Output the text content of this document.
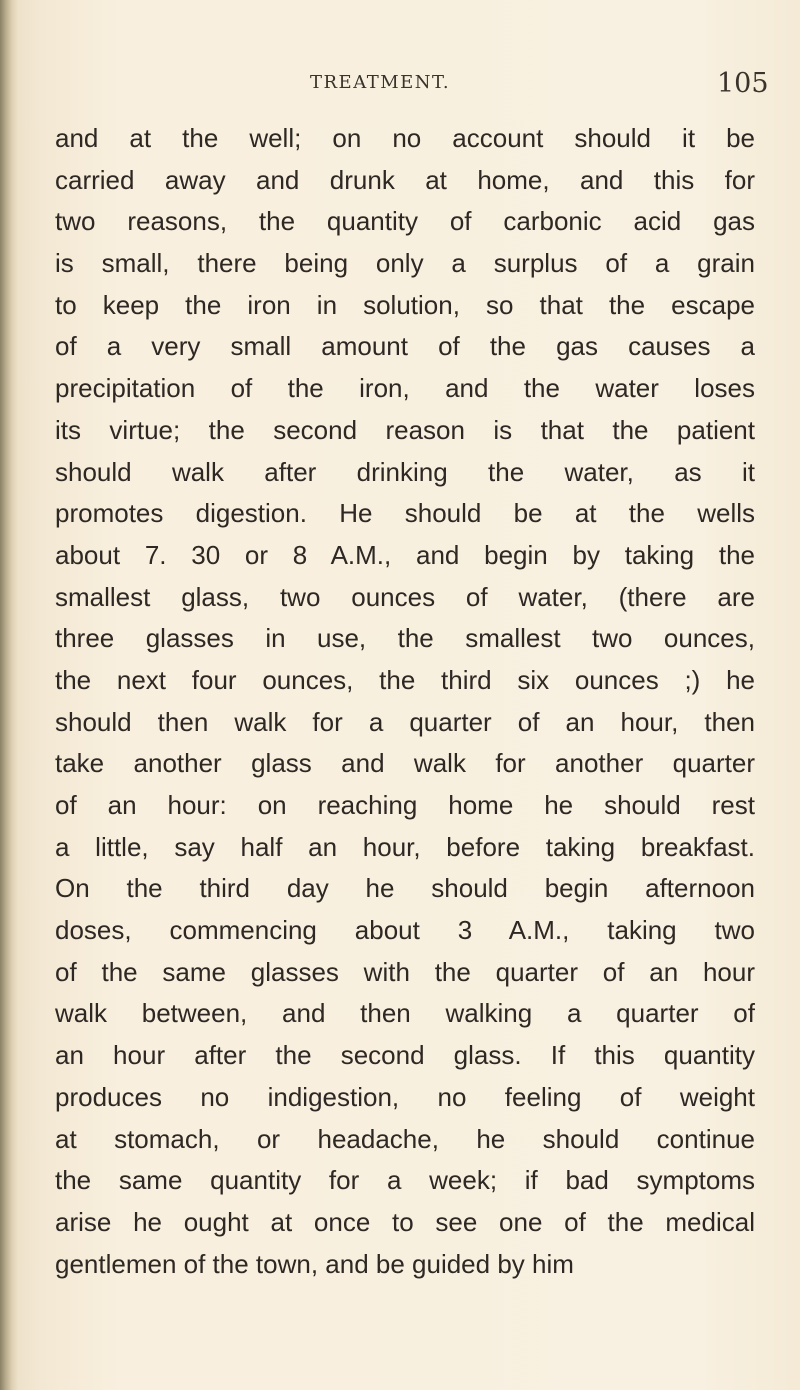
TREATMENT.	105
and at the well; on no account should it be
carried away and drunk at home, and this for
two reasons, the quantity of carbonic acid gas
is small, there being only a surplus of a grain
to keep the iron in solution, so that the escape
of a very small amount of the gas causes a
precipitation of the iron, and the water loses
its virtue; the second reason is that the patient
should walk after drinking the water, as it
promotes digestion. He should be at the wells
about 7. 30 or 8 A.M., and begin by taking the
smallest glass, two ounces of water, (there are
three glasses in use, the smallest two ounces,
the next four ounces, the third six ounces ;) he
should then walk for a quarter of an hour, then
take another glass and walk for another quarter
of an hour: on reaching home he should rest
a little, say half an hour, before taking breakfast.
On the third day he should begin afternoon
doses, commencing about 3 A.M., taking two
of the same glasses with the quarter of an hour
walk between, and then walking a quarter of
an hour after the second glass. If this quantity
produces no indigestion, no feeling of weight
at stomach, or headache, he should continue
the same quantity for a week; if bad symptoms
arise he ought at once to see one of the medical
gentlemen of the town, and be guided by him
